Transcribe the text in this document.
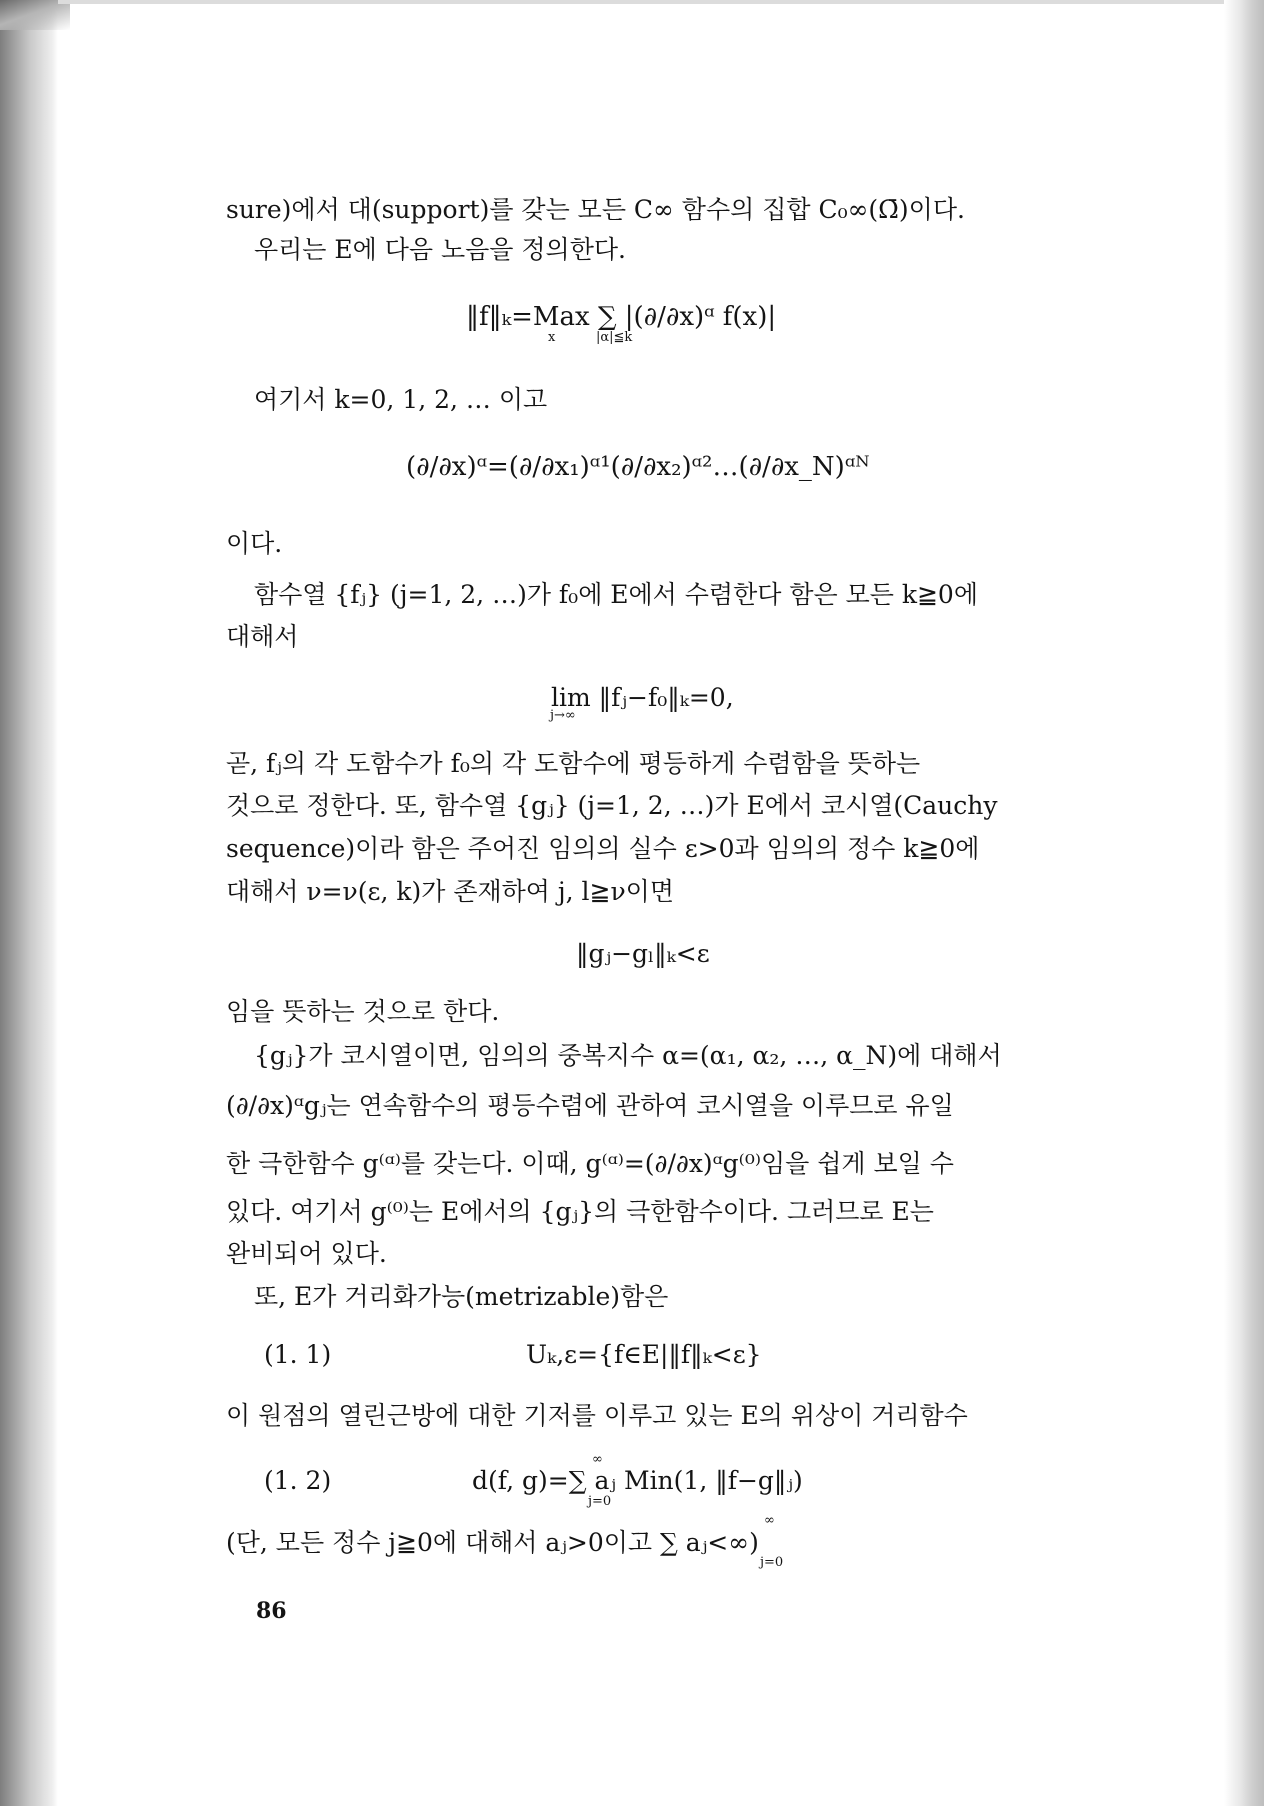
sure)에서 대(support)를 갖는 모든 C∞ 함수의 집합 C₀∞(Ω̄)이다.
우리는 E에 다음 노음을 정의한다.
‖f‖ₖ=Max ∑ |(∂/∂x)ᵅ f(x)|
x	|α|≦k
여기서 k=0, 1, 2, … 이고
(∂/∂x)ᵅ=(∂/∂x₁)ᵅ¹(∂/∂x₂)ᵅ²…(∂/∂x_N)ᵅᴺ
이다.
함수열 {fⱼ} (j=1, 2, …)가 f₀에 E에서 수렴한다 함은 모든 k≧0에
대해서
lim ‖fⱼ−f₀‖ₖ=0,
j→∞
곧, fⱼ의 각 도함수가 f₀의 각 도함수에 평등하게 수렴함을 뜻하는
것으로 정한다. 또, 함수열 {gⱼ} (j=1, 2, …)가 E에서 코시열(Cauchy
sequence)이라 함은 주어진 임의의 실수 ε>0과 임의의 정수 k≧0에
대해서 ν=ν(ε, k)가 존재하여 j, l≧ν이면
‖gⱼ−gₗ‖ₖ<ε
임을 뜻하는 것으로 한다.
{gⱼ}가 코시열이면, 임의의 중복지수 α=(α₁, α₂, …, α_N)에 대해서
(∂/∂x)ᵅgⱼ는 연속함수의 평등수렴에 관하여 코시열을 이루므로 유일
한 극한함수 g⁽ᵅ⁾를 갖는다. 이때, g⁽ᵅ⁾=(∂/∂x)ᵅg⁽⁰⁾임을 쉽게 보일 수
있다. 여기서 g⁽⁰⁾는 E에서의 {gⱼ}의 극한함수이다. 그러므로 E는
완비되어 있다.
또, E가 거리화가능(metrizable)함은
(1. 1)	Uₖ,ε={f∈E|‖f‖ₖ<ε}
이 원점의 열린근방에 대한 기저를 이루고 있는 E의 위상이 거리함수
(1. 2)	d(f, g)=∑ aⱼ Min(1, ‖f−g‖ⱼ)
∞
j=0
(단, 모든 정수 j≧0에 대해서 aⱼ>0이고 ∑ aⱼ<∞)
∞
j=0
86
